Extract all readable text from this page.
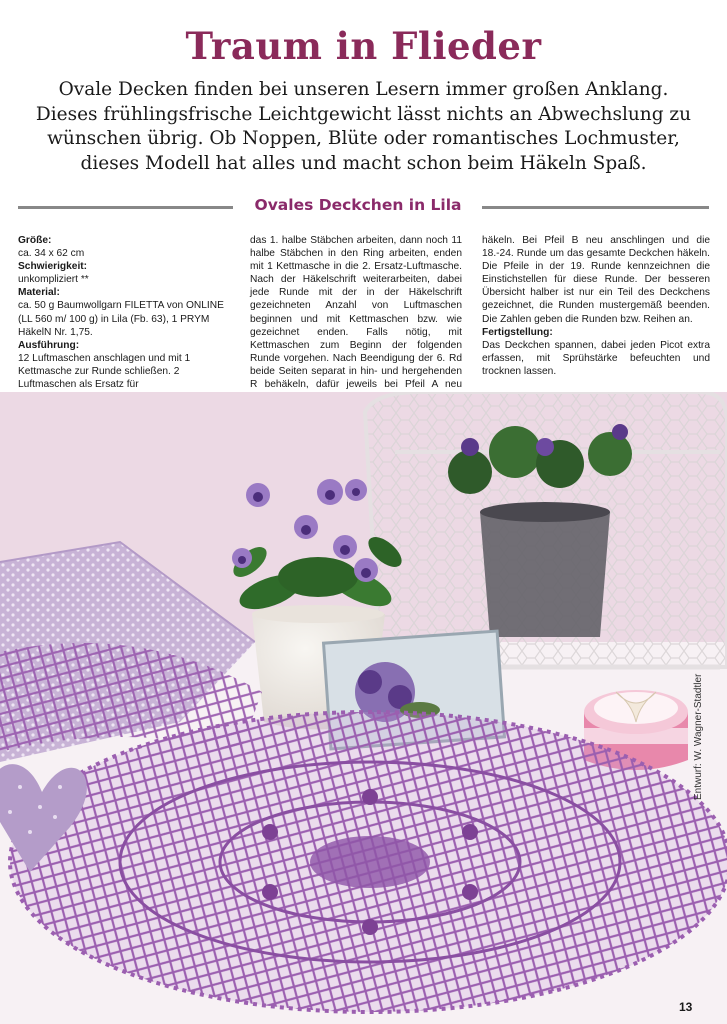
Traum in Flieder
Ovale Decken finden bei unseren Lesern immer großen Anklang.
Dieses frühlingsfrische Leichtgewicht lässt nichts an Abwechslung zu
wünschen übrig. Ob Noppen, Blüte oder romantisches Lochmuster,
dieses Modell hat alles und macht schon beim Häkeln Spaß.
Ovales Deckchen in Lila
Größe:

ca. 34 x 62 cm

Schwierigkeit:

unkompliziert **

Material:

ca. 50 g Baumwollgarn FILETTA von ONLINE (LL 560 m/ 100 g) in Lila (Fb. 63), 1 PRYM HäkelN Nr. 1,75.

Ausführung:

12 Luftmaschen anschlagen und mit 1 Kettmasche zur Runde schließen. 2 Luftmaschen als Ersatz für

das 1. halbe Stäbchen arbeiten, dann noch 11 halbe Stäbchen in den Ring arbeiten, enden mit 1 Kettmasche in die 2. Ersatz-Luftmasche. Nach der Häkelschrift weiterarbeiten, dabei jede Runde mit der in der Häkelschrift gezeichneten Anzahl von Luftmaschen beginnen und mit Kettmaschen bzw. wie gezeichnet enden. Falls nötig, mit Kettmaschen zum Beginn der folgenden Runde vorgehen. Nach Beendigung der 6. Rd beide Seiten separat in hin- und hergehenden R behäkeln, dafür jeweils bei Pfeil A neu

häkeln. Bei Pfeil B neu anschlingen und die 18.-24. Runde um das gesamte Deckchen häkeln. Die Pfeile in der 19. Runde kennzeichnen die Einstichstellen für diese Runde. Der besseren Übersicht halber ist nur ein Teil des Deckchens gezeichnet, die Runden mustergemäß beenden. Die Zahlen geben die Runden bzw. Reihen an.

Fertigstellung:

Das Deckchen spannen, dabei jeden Picot extra erfassen, mit Sprühstärke befeuchten und trocknen lassen.

Entwurf: W. Wagner-Stadtler
13
